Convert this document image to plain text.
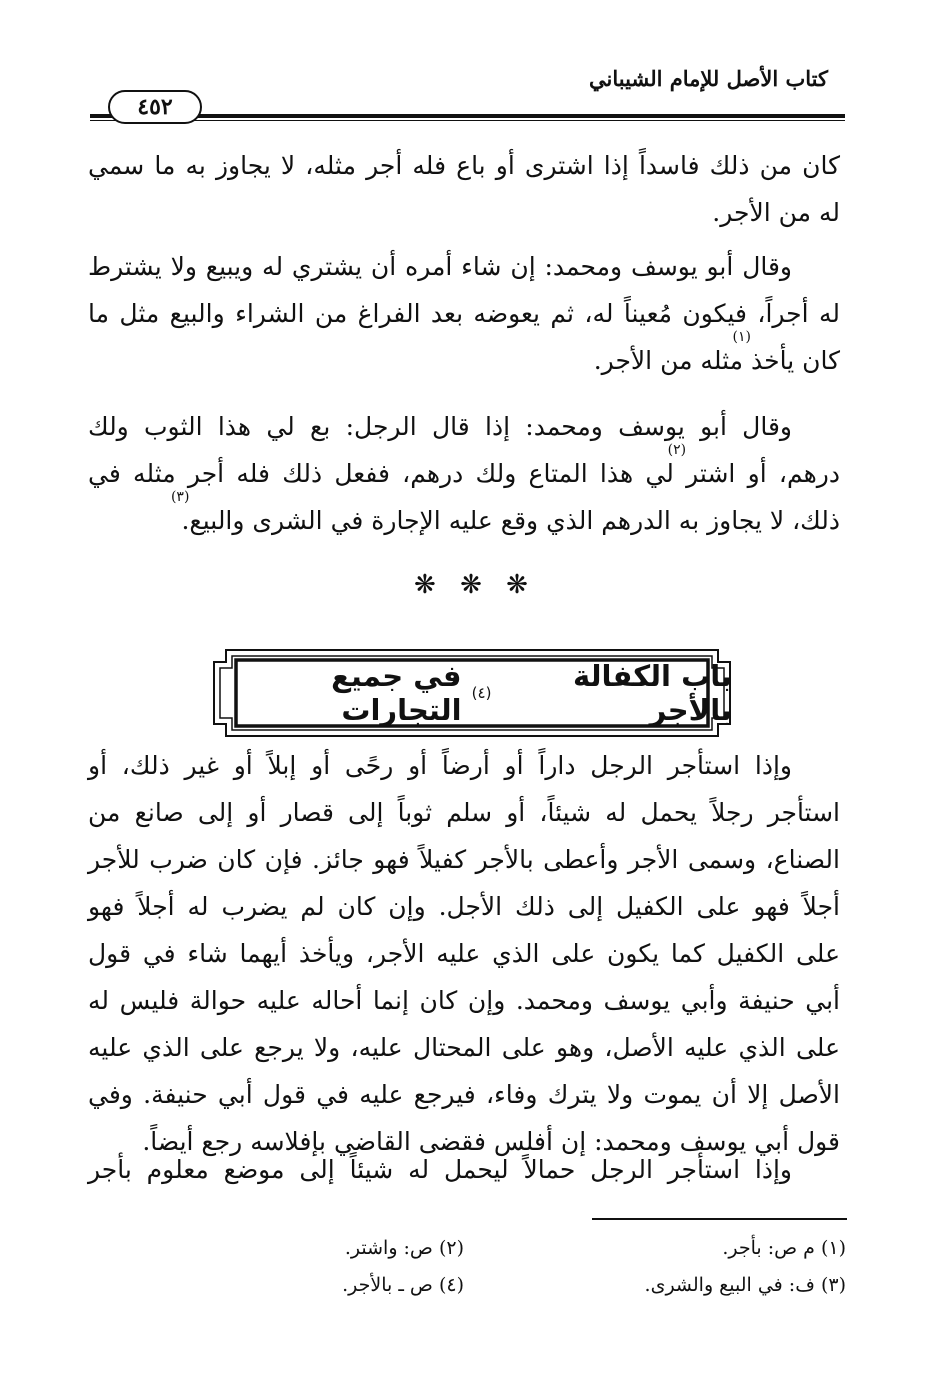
كتاب الأصل للإمام الشيباني
٤٥٢
كان من ذلك فاسداً إذا اشترى أو باع فله أجر مثله، لا يجاوز به ما سمي
له من الأجر.
وقال أبو يوسف ومحمد: إن شاء أمره أن يشتري له ويبيع ولا يشترط
له أجراً، فيكون مُعيناً له، ثم يعوضه بعد الفراغ من الشراء والبيع مثل ما
كان يأخذ
(١)
مثله من الأجر.
وقال أبو يوسف ومحمد: إذا قال الرجل: بع لي هذا الثوب ولك
درهم، أو اشتر
(٢)
لي هذا المتاع ولك درهم، ففعل ذلك فله أجر مثله في
ذلك، لا يجاوز به الدرهم الذي وقع عليه الإجارة في الشرى والبيع
(٣)
.
❋ ❋ ❋
باب الكفالة بالأجر
(٤)

في جميع التجارات
وإذا استأجر الرجل داراً أو أرضاً أو رحًى أو إبلاً أو غير ذلك، أو
استأجر رجلاً يحمل له شيئاً، أو سلم ثوباً إلى قصار أو إلى صانع من
الصناع، وسمى الأجر وأعطى بالأجر كفيلاً فهو جائز. فإن كان ضرب للأجر
أجلاً فهو على الكفيل إلى ذلك الأجل. وإن كان لم يضرب له أجلاً فهو
على الكفيل كما يكون على الذي عليه الأجر، ويأخذ أيهما شاء في قول
أبي حنيفة وأبي يوسف ومحمد. وإن كان إنما أحاله عليه حوالة فليس له
على الذي عليه الأصل، وهو على المحتال عليه، ولا يرجع على الذي عليه
الأصل إلا أن يموت ولا يترك وفاء، فيرجع عليه في قول أبي حنيفة. وفي
قول أبي يوسف ومحمد: إن أفلس فقضى القاضي بإفلاسه رجع أيضاً.
وإذا استأجر الرجل حمالاً ليحمل له شيئاً إلى موضع معلوم بأجر
(١) م ص: بأجر.
(٢) ص: واشتر.
(٣) ف: في البيع والشرى.
(٤) ص ـ بالأجر.
